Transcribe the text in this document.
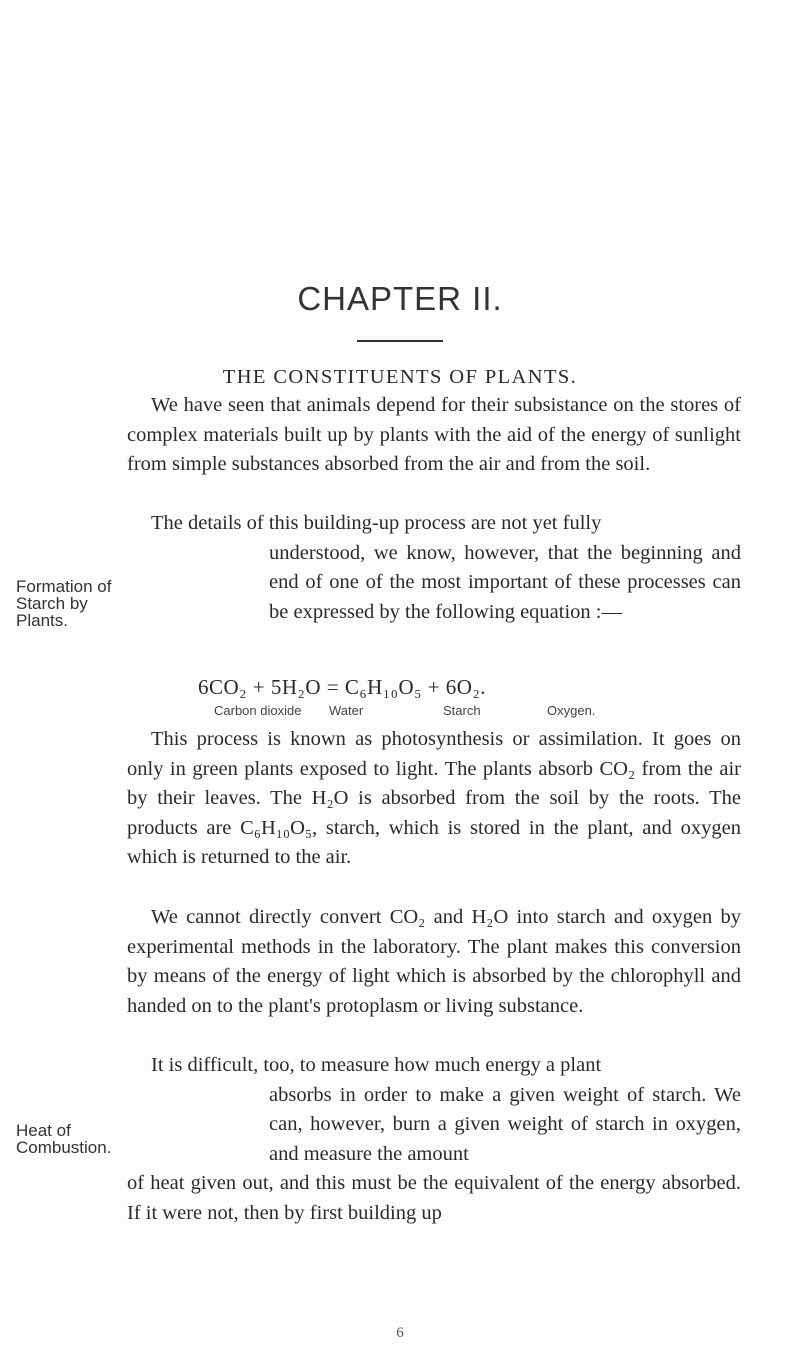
CHAPTER II.
THE CONSTITUENTS OF PLANTS.

We have seen that animals depend for their subsistance on the stores of complex materials built up by plants with the aid of the energy of sunlight from simple substances absorbed from the air and from the soil.

The details of this building-up process are not yet fully

understood, we know, however, that the beginning and end of one of the most important of these processes can be expressed by the following equation :—
Formation of
Starch by
Plants.
6CO₂ + 5H₂O = C₆H₁₀O₅ + 6O₂.
Carbon dioxide Water	Starch	Oxygen.

This process is known as photosynthesis or assimilation. It goes on only in green plants exposed to light. The plants absorb CO₂ from the air by their leaves. The H₂O is absorbed from the soil by the roots. The products are C₆H₁₀O₅, starch, which is stored in the plant, and oxygen which is returned to the air.

We cannot directly convert CO₂ and H₂O into starch and oxygen by experimental methods in the laboratory. The plant makes this conversion by means of the energy of light which is absorbed by the chlorophyll and handed on to the plant's protoplasm or living substance.

It is difficult, too, to measure how much energy a plant

absorbs in order to make a given weight of starch. We can, however, burn a given weight of starch in oxygen, and measure the amount
of heat given out, and this must be the equivalent of the energy absorbed. If it were not, then by first building up
Heat of
Combustion.
6
